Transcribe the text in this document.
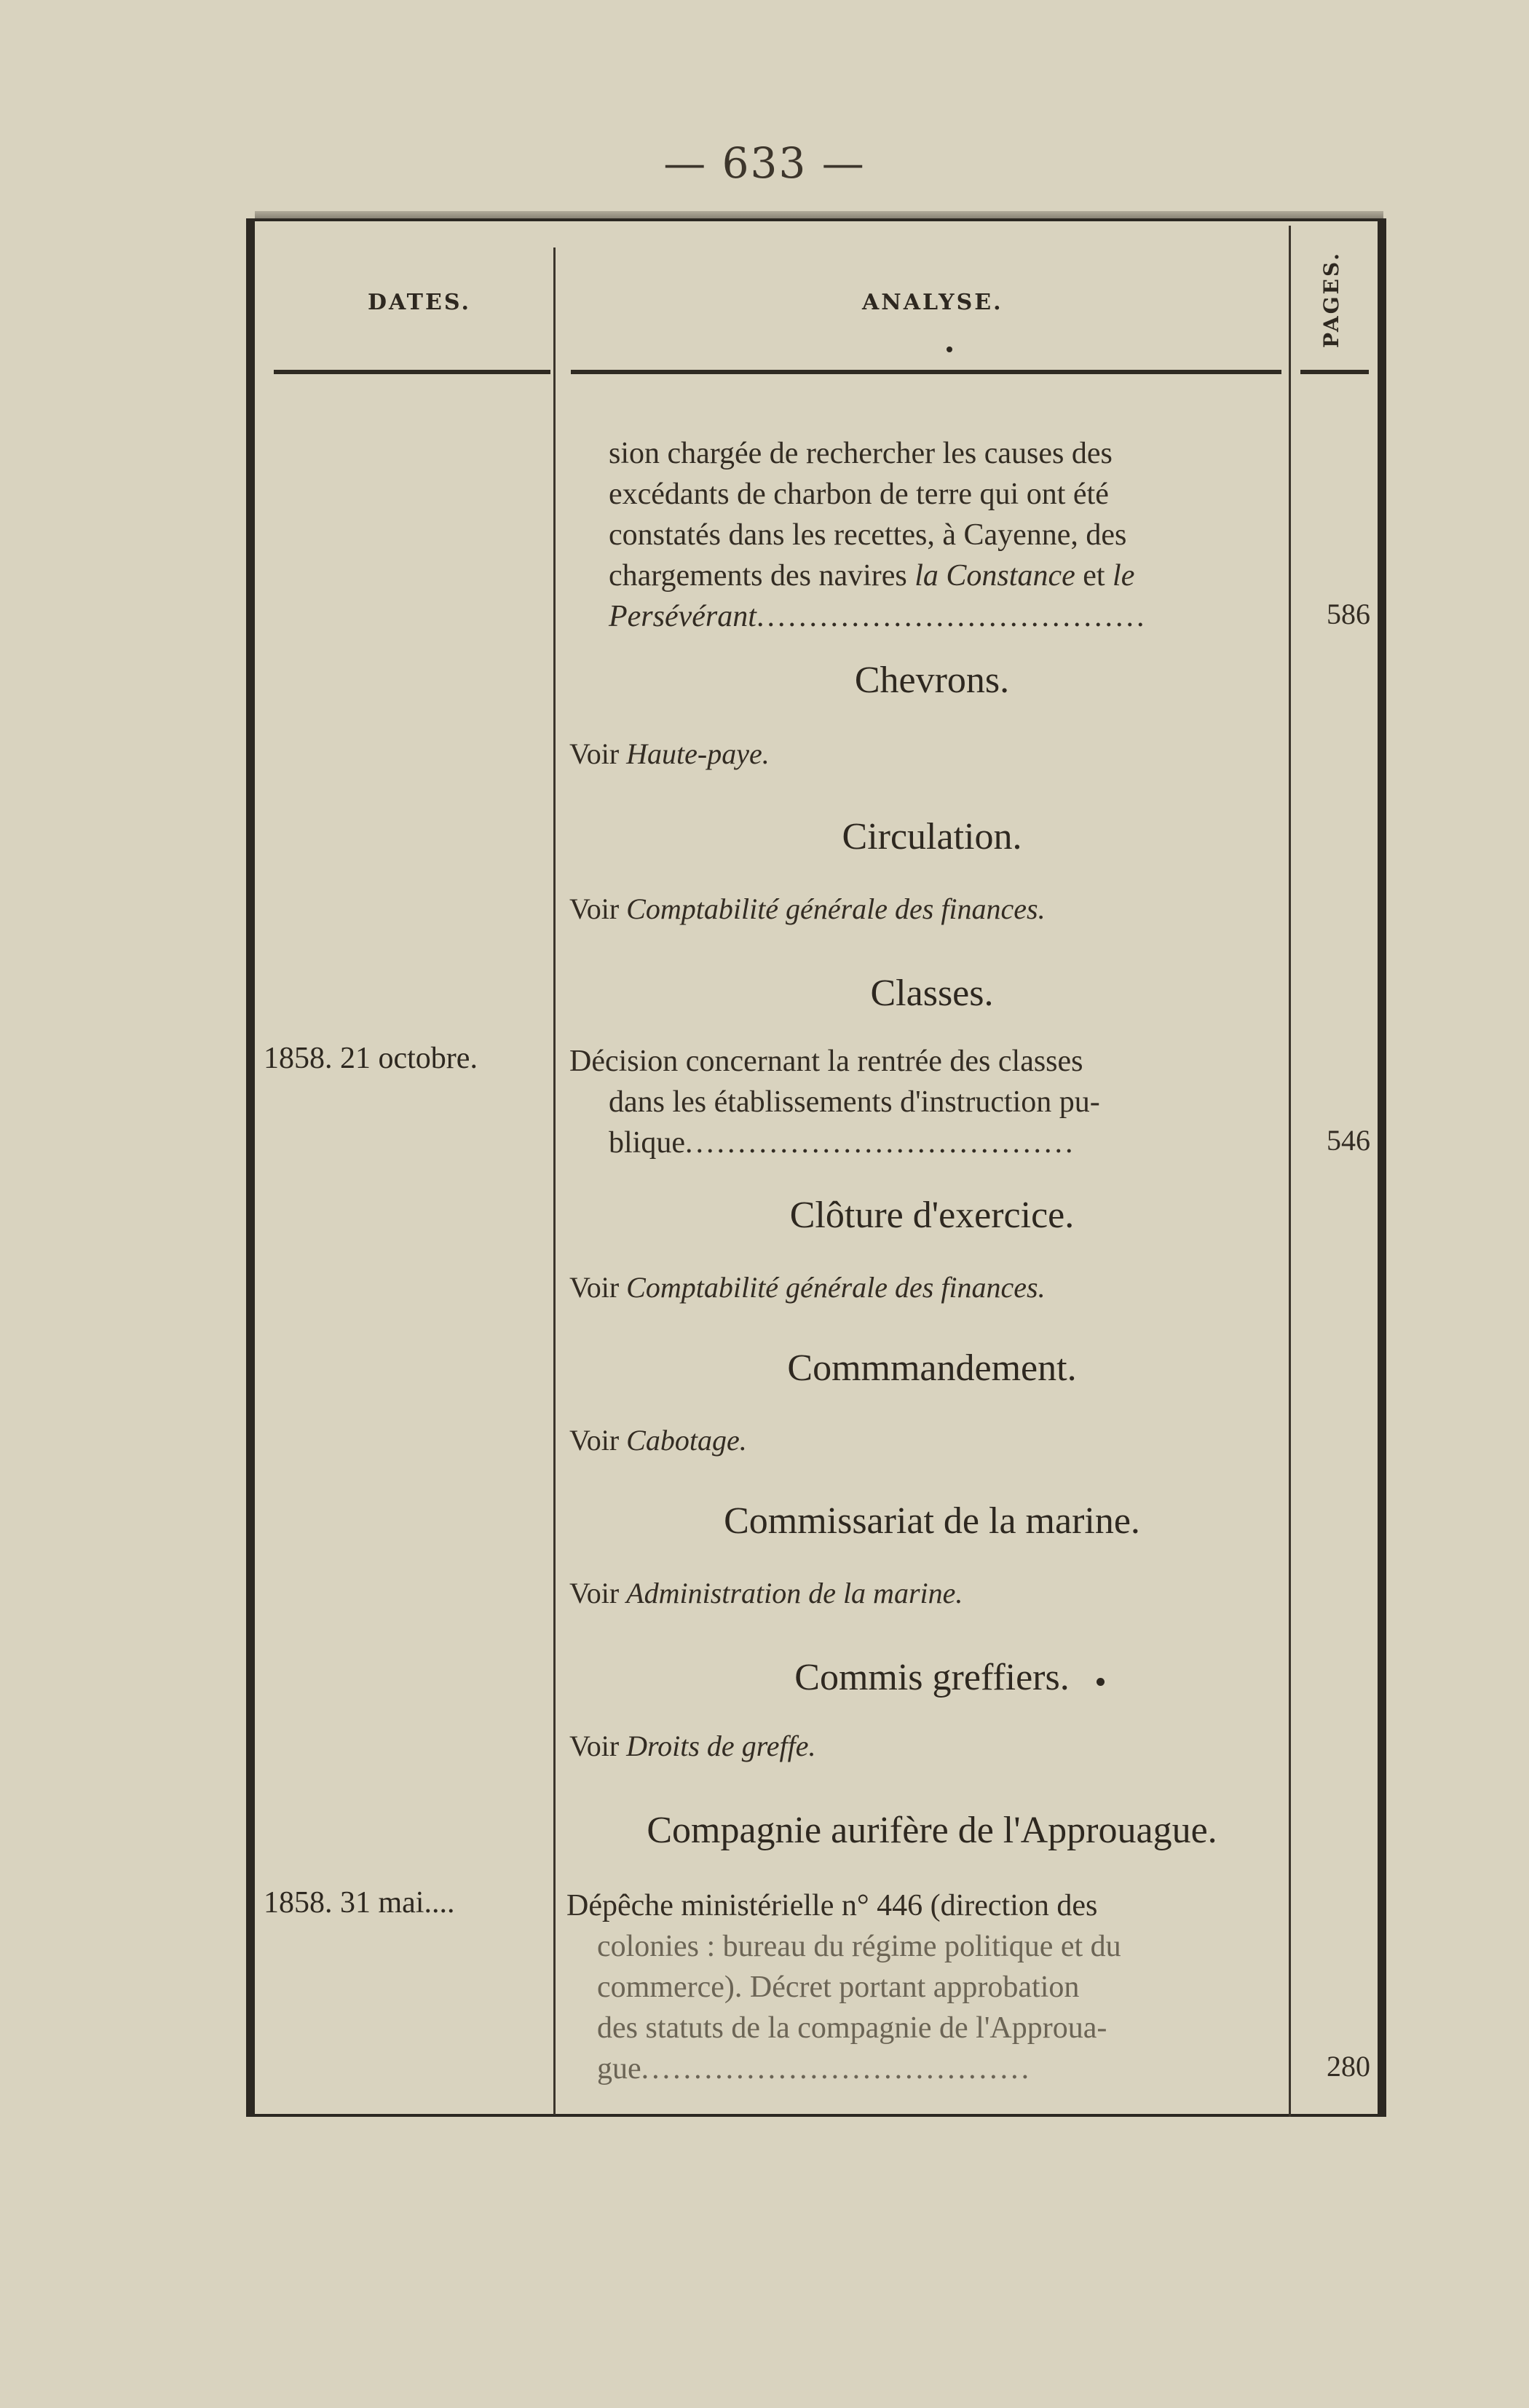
— 633 —
DATES.	ANALYSE.	PAGES.
sion chargée de rechercher les causes des
excédants de charbon de terre qui ont été
constatés dans les recettes, à Cayenne, des
chargements des navires la Constance et le
Persévérant.....................................	586
Chevrons.
Voir Haute-paye.
Circulation.
Voir Comptabilité générale des finances.
Classes.
1858. 21 octobre.	Décision concernant la rentrée des classes
dans les établissements d'instruction pu-
blique.....................................	546
Clôture d'exercice.
Voir Comptabilité générale des finances.
Commmandement.
Voir Cabotage.
Commissariat de la marine.
Voir Administration de la marine.
Commis greffiers.
Voir Droits de greffe.
Compagnie aurifère de l'Approuague.
1858. 31 mai....	Dépêche ministérielle n° 446 (direction des
colonies : bureau du régime politique et du
commerce). Décret portant approbation
des statuts de la compagnie de l'Approua-
gue.....................................	280
